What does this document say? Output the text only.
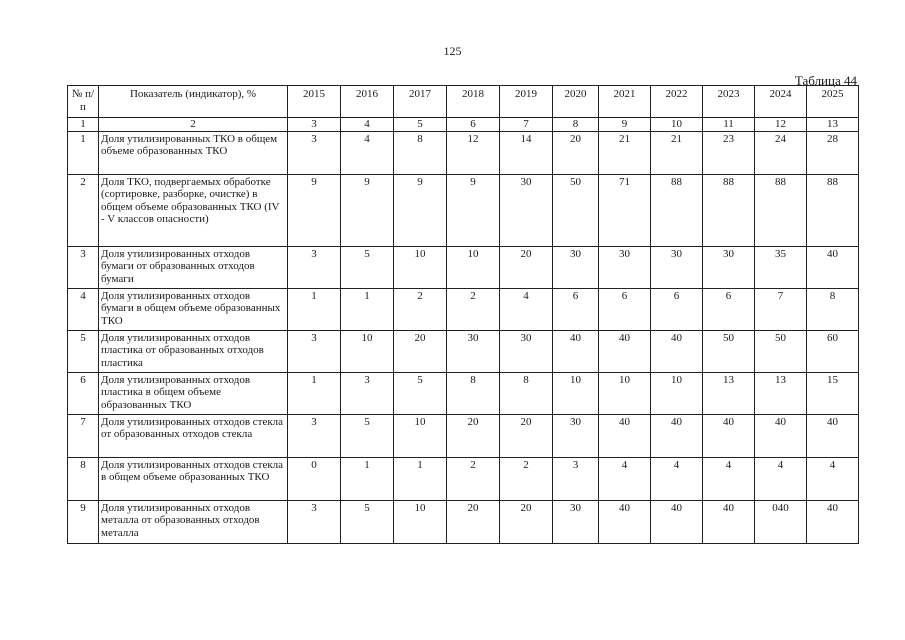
125
Таблица 44
№ п/п	Показатель (индикатор), %	2015	2016	2017	2018	2019	2020	2021	2022	2023	2024	2025
1	2	3	4	5	6	7	8	9	10	11	12	13
1	Доля утилизированных ТКО в общем объеме образованных ТКО	3	4	8	12	14	20	21	21	23	24	28
2	Доля ТКО, подвергаемых обработке (сортировке, разборке, очистке) в общем объеме образованных ТКО (IV - V классов опасности)	9	9	9	9	30	50	71	88	88	88	88
3	Доля утилизированных отходов бумаги от образованных отходов бумаги	3	5	10	10	20	30	30	30	30	35	40
4	Доля утилизированных отходов бумаги в общем объеме образованных ТКО	1	1	2	2	4	6	6	6	6	7	8
5	Доля утилизированных отходов пластика от образованных отходов пластика	3	10	20	30	30	40	40	40	50	50	60
6	Доля утилизированных отходов пластика в общем объеме образованных ТКО	1	3	5	8	8	10	10	10	13	13	15
7	Доля утилизированных отходов стекла от образованных отходов стекла	3	5	10	20	20	30	40	40	40	40	40
8	Доля утилизированных отходов стекла в общем объеме образованных ТКО	0	1	1	2	2	3	4	4	4	4	4
9	Доля утилизированных отходов металла от образованных отходов металла	3	5	10	20	20	30	40	40	40	040	40
